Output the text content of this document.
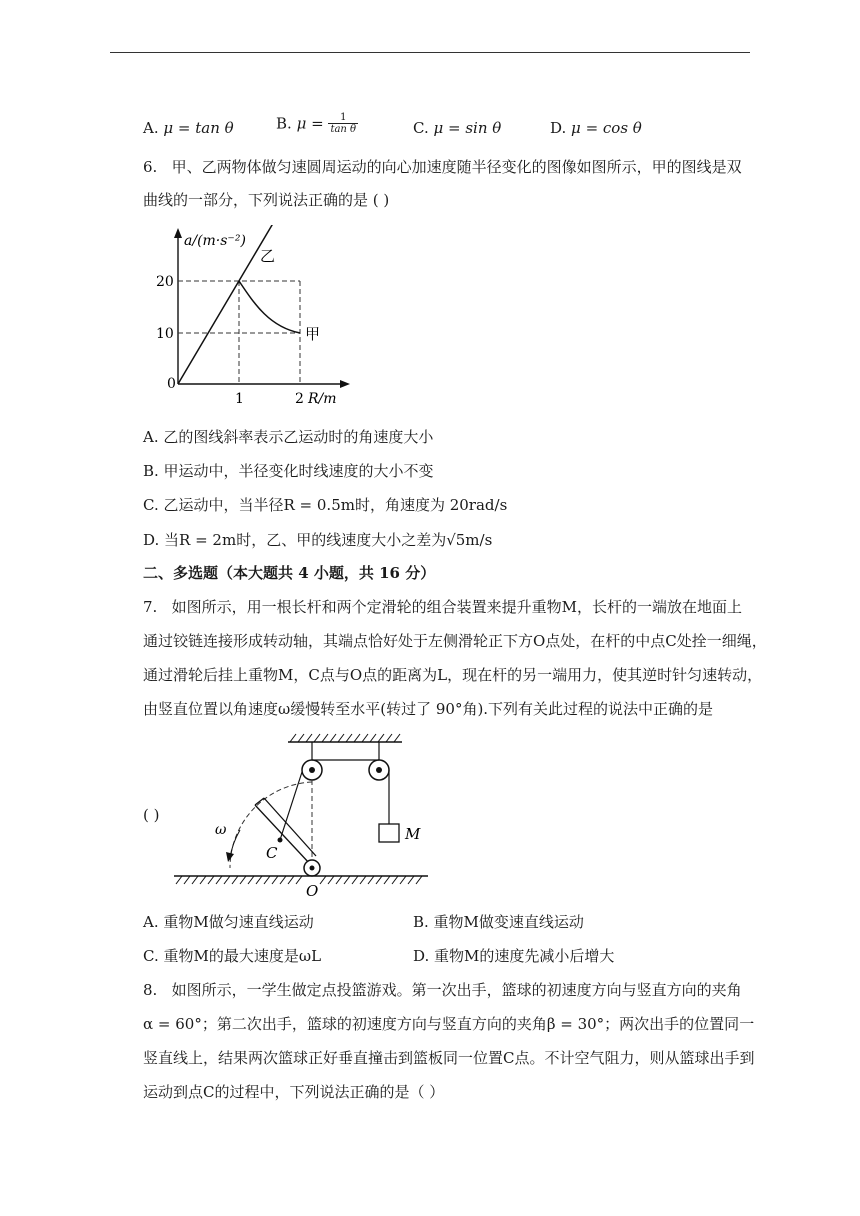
A. μ = tan θ	B. $\mu = \frac{1}{\text{tan θ}}$	C. μ = sin θ	D. μ = cos θ
6. 甲、乙两物体做匀速圆周运动的向心加速度随半径变化的图像如图所示，甲的图线是双
曲线的一部分，下列说法正确的是 ( )
a/(m·s⁻²)
乙
甲
20
10
0
1	2 R/m
A. 乙的图线斜率表示乙运动时的角速度大小
B. 甲运动中，半径变化时线速度的大小不变
C. 乙运动中，当半径R = 0.5m时，角速度为 20rad/s
D. 当R = 2m时，乙、甲的线速度大小之差为√5m/s
二、多选题（本大题共 4 小题，共 16 分）
7. 如图所示，用一根长杆和两个定滑轮的组合装置来提升重物M，长杆的一端放在地面上
通过铰链连接形成转动轴，其端点恰好处于左侧滑轮正下方O点处，在杆的中点C处拴一细绳，
通过滑轮后挂上重物M，C点与O点的距离为L，现在杆的另一端用力，使其逆时针匀速转动，
由竖直位置以角速度ω缓慢转至水平(转过了 90°角).下列有关此过程的说法中正确的是
( )
M
ω
C
O
A. 重物M做匀速直线运动	B. 重物M做变速直线运动
C. 重物M的最大速度是ωL	D. 重物M的速度先减小后增大
8. 如图所示，一学生做定点投篮游戏。第一次出手，篮球的初速度方向与竖直方向的夹角
α = 60°；第二次出手，篮球的初速度方向与竖直方向的夹角β = 30°；两次出手的位置同一
竖直线上，结果两次篮球正好垂直撞击到篮板同一位置C点。不计空气阻力，则从篮球出手到
运动到点C的过程中，下列说法正确的是（ ）
